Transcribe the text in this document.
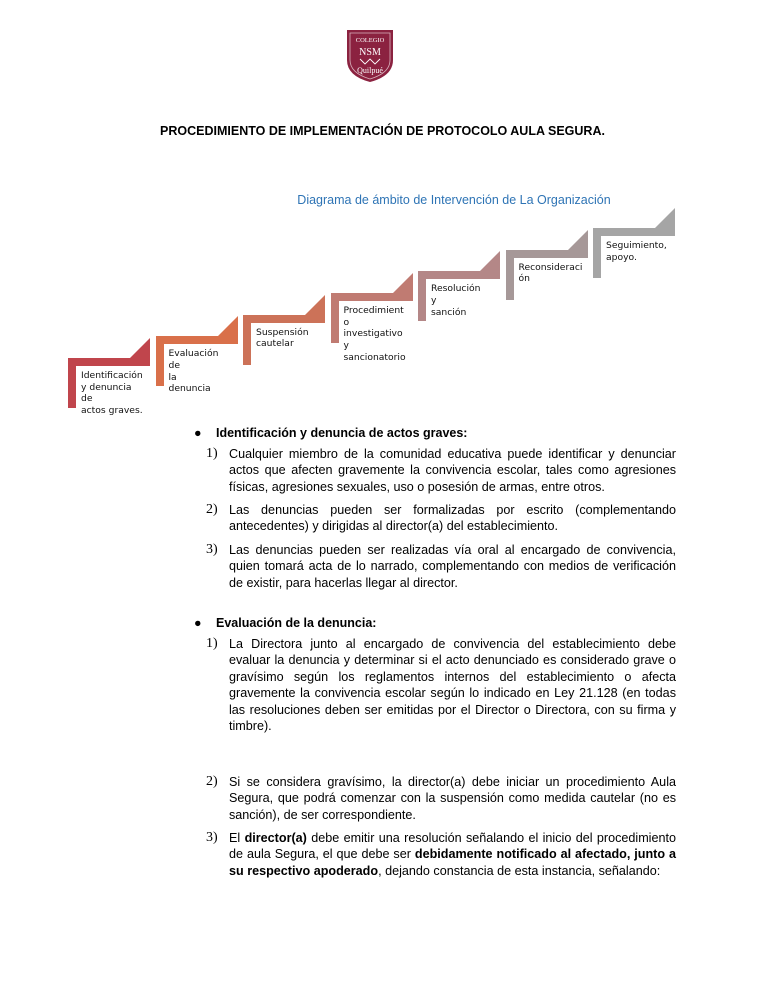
COLEGIO
NSM
Quilpué
PROCEDIMIENTO DE IMPLEMENTACIÓN DE PROTOCOLO AULA SEGURA.
Diagrama de ámbito de Intervención de La Organización
Identificación
y denuncia de
actos graves.
Evaluación de
la denuncia
Suspensión
cautelar
Procedimient
o investigativo
y
sancionatorio
Resolución y
sanción
Reconsideraci
ón
Seguimiento,
apoyo.
● Identificación y denuncia de actos graves:
1) Cualquier miembro de la comunidad educativa puede identificar y denunciar actos que afecten gravemente la convivencia escolar, tales como agresiones físicas, agresiones sexuales, uso o posesión de armas, entre otros.
2) Las denuncias pueden ser formalizadas por escrito (complementando antecedentes) y dirigidas al director(a) del establecimiento.
3) Las denuncias pueden ser realizadas vía oral al encargado de convivencia, quien tomará acta de lo narrado, complementando con medios de verificación de existir, para hacerlas llegar al director.
● Evaluación de la denuncia:
1) La Directora junto al encargado de convivencia del establecimiento debe evaluar la denuncia y determinar si el acto denunciado es considerado grave o gravísimo según los reglamentos internos del establecimiento o afecta gravemente la convivencia escolar según lo indicado en Ley 21.128 (en todas las resoluciones deben ser emitidas por el Director o Directora, con su firma y timbre).
2) Si se considera gravísimo, la director(a) debe iniciar un procedimiento Aula Segura, que podrá comenzar con la suspensión como medida cautelar (no es sanción), de ser correspondiente.
3) El director(a) debe emitir una resolución señalando el inicio del procedimiento de aula Segura, el que debe ser debidamente notificado al afectado, junto a su respectivo apoderado, dejando constancia de esta instancia, señalando:
